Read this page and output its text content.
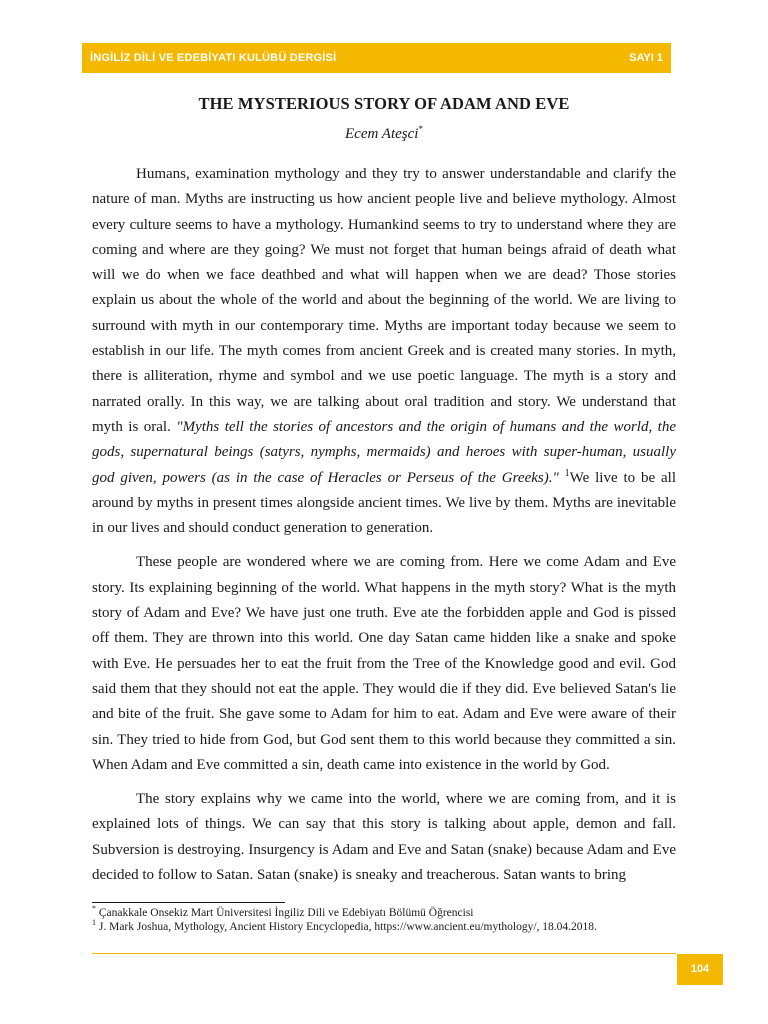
İNGİLİZ DİLİ VE EDEBİYATI KULÜBÜ DERGİSİ	SAYI 1
THE MYSTERIOUS STORY OF ADAM AND EVE
Ecem Ateşci*

Humans, examination mythology and they try to answer understandable and clarify the nature of man. Myths are instructing us how ancient people live and believe mythology. Almost every culture seems to have a mythology. Humankind seems to try to understand where they are coming and where are they going? We must not forget that human beings afraid of death what will we do when we face deathbed and what will happen when we are dead? Those stories explain us about the whole of the world and about the beginning of the world. We are living to surround with myth in our contemporary time. Myths are important today because we seem to establish in our life. The myth comes from ancient Greek and is created many stories. In myth, there is alliteration, rhyme and symbol and we use poetic language. The myth is a story and narrated orally. In this way, we are talking about oral tradition and story. We understand that myth is oral. "Myths tell the stories of ancestors and the origin of humans and the world, the gods, supernatural beings (satyrs, nymphs, mermaids) and heroes with super-human, usually god given, powers (as in the case of Heracles or Perseus of the Greeks)." $^1$We live to be all around by myths in present times alongside ancient times. We live by them. Myths are inevitable in our lives and should conduct generation to generation.

These people are wondered where we are coming from. Here we come Adam and Eve story. Its explaining beginning of the world. What happens in the myth story? What is the myth story of Adam and Eve? We have just one truth. Eve ate the forbidden apple and God is pissed off them. They are thrown into this world. One day Satan came hidden like a snake and spoke with Eve. He persuades her to eat the fruit from the Tree of the Knowledge good and evil. God said them that they should not eat the apple. They would die if they did. Eve believed Satan's lie and bite of the fruit. She gave some to Adam for him to eat. Adam and Eve were aware of their sin. They tried to hide from God, but God sent them to this world because they committed a sin. When Adam and Eve committed a sin, death came into existence in the world by God.

The story explains why we came into the world, where we are coming from, and it is explained lots of things. We can say that this story is talking about apple, demon and fall. Subversion is destroying. Insurgency is Adam and Eve and Satan (snake) because Adam and Eve decided to follow to Satan. Satan (snake) is sneaky and treacherous. Satan wants to bring

* Çanakkale Onsekiz Mart Üniversitesi İngiliz Dili ve Edebiyatı Bölümü Öğrencisi
$^1$ J. Mark Joshua, Mythology, Ancient History Encyclopedia, https://www.ancient.eu/mythology/, 18.04.2018.
104
